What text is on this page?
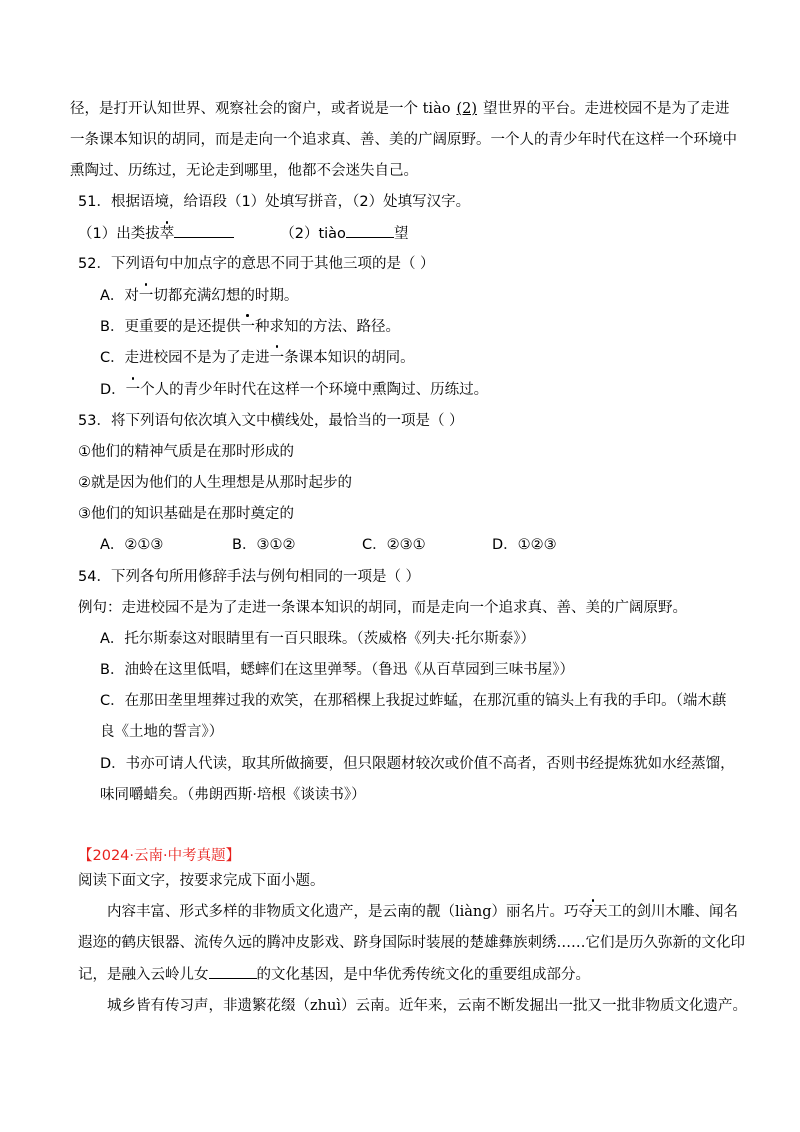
径，是打开认知世界、观察社会的窗户，或者说是一个 tiào (2) 望世界的平台。走进校园不是为了走进
一条课本知识的胡同，而是走向一个追求真、善、美的广阔原野。一个人的青少年时代在这样一个环境中
熏陶过、历练过，无论走到哪里，他都不会迷失自己。
51．根据语境，给语段（1）处填写拼音，（2）处填写汉字。
（1）出类拔萃	（2）tiào	望
52．下列语句中加点字的意思不同于其他三项的是（ ）
A．对一切都充满幻想的时期。
B．更重要的是还提供一种求知的方法、路径。
C．走进校园不是为了走进一条课本知识的胡同。
D．一个人的青少年时代在这样一个环境中熏陶过、历练过。
53．将下列语句依次填入文中横线处，最恰当的一项是（ ）
①他们的精神气质是在那时形成的
②就是因为他们的人生理想是从那时起步的
③他们的知识基础是在那时奠定的
A．②①③	B．③①②	C．②③①	D．①②③
54．下列各句所用修辞手法与例句相同的一项是（ ）
例句：走进校园不是为了走进一条课本知识的胡同，而是走向一个追求真、善、美的广阔原野。
A．托尔斯泰这对眼睛里有一百只眼珠。（茨威格《列夫·托尔斯泰》）
B．油蛉在这里低唱，蟋蟀们在这里弹琴。（鲁迅《从百草园到三味书屋》）
C．在那田垄里埋葬过我的欢笑，在那稻棵上我捉过蚱蜢，在那沉重的镐头上有我的手印。（端木蕻
良《土地的誓言》）
D．书亦可请人代读，取其所做摘要，但只限题材较次或价值不高者，否则书经提炼犹如水经蒸馏，
味同嚼蜡矣。（弗朗西斯·培根《谈读书》）
【2024·云南·中考真题】
阅读下面文字，按要求完成下面小题。
内容丰富、形式多样的非物质文化遗产，是云南的靓（liàng）丽名片。巧夺天工的剑川木雕、闻名
遐迩的鹤庆银器、流传久远的腾冲皮影戏、跻身国际时装展的楚雄彝族刺绣……它们是历久弥新的文化印
记，是融入云岭儿女	的文化基因，是中华优秀传统文化的重要组成部分。
城乡皆有传习声，非遗繁花缀（zhuì）云南。近年来，云南不断发掘出一批又一批非物质文化遗产。
